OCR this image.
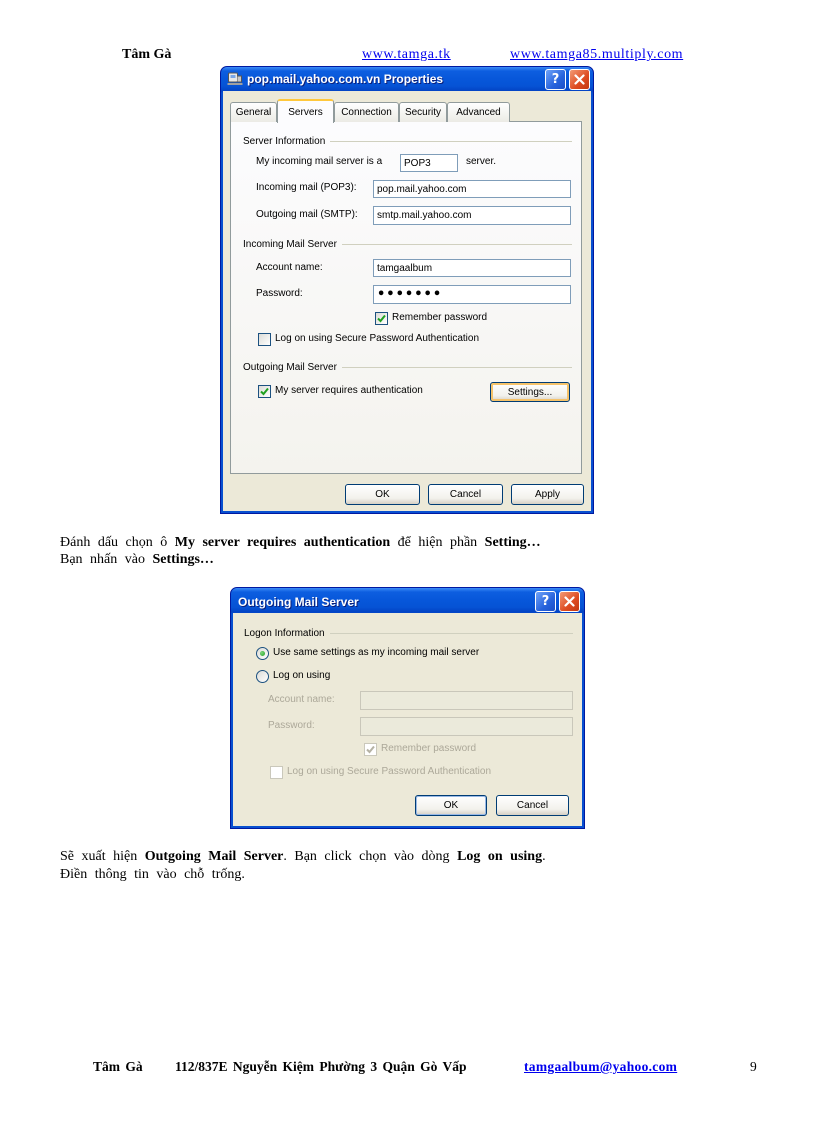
Tâm Gà	www.tamga.tk	www.tamga85.multiply.com
pop.mail.yahoo.com.vn Properties	?
General	Servers	Connection	Security	Advanced
Server Information
My incoming mail server is a
POP3	server.
Incoming mail (POP3):
pop.mail.yahoo.com
Outgoing mail (SMTP):
smtp.mail.yahoo.com
Incoming Mail Server
Account name:
tamgaalbum
Password:
•••••••
Remember password
Log on using Secure Password Authentication
Outgoing Mail Server
My server requires authentication	Settings...
OK	Cancel	Apply
Đánh dấu chọn ô My server requires authentication để hiện phần Setting…
Bạn nhấn vào Settings…
Outgoing Mail Server	?
Logon Information
Use same settings as my incoming mail server
Log on using
Account name:
Password:
Remember password
Log on using Secure Password Authentication
OK	Cancel
Sẽ xuất hiện Outgoing Mail Server. Bạn click chọn vào dòng Log on using.
Điền thông tin vào chỗ trống.
Tâm Gà 112/837E Nguyễn Kiệm Phường 3 Quận Gò Vấp	tamgaalbum@yahoo.com	9
